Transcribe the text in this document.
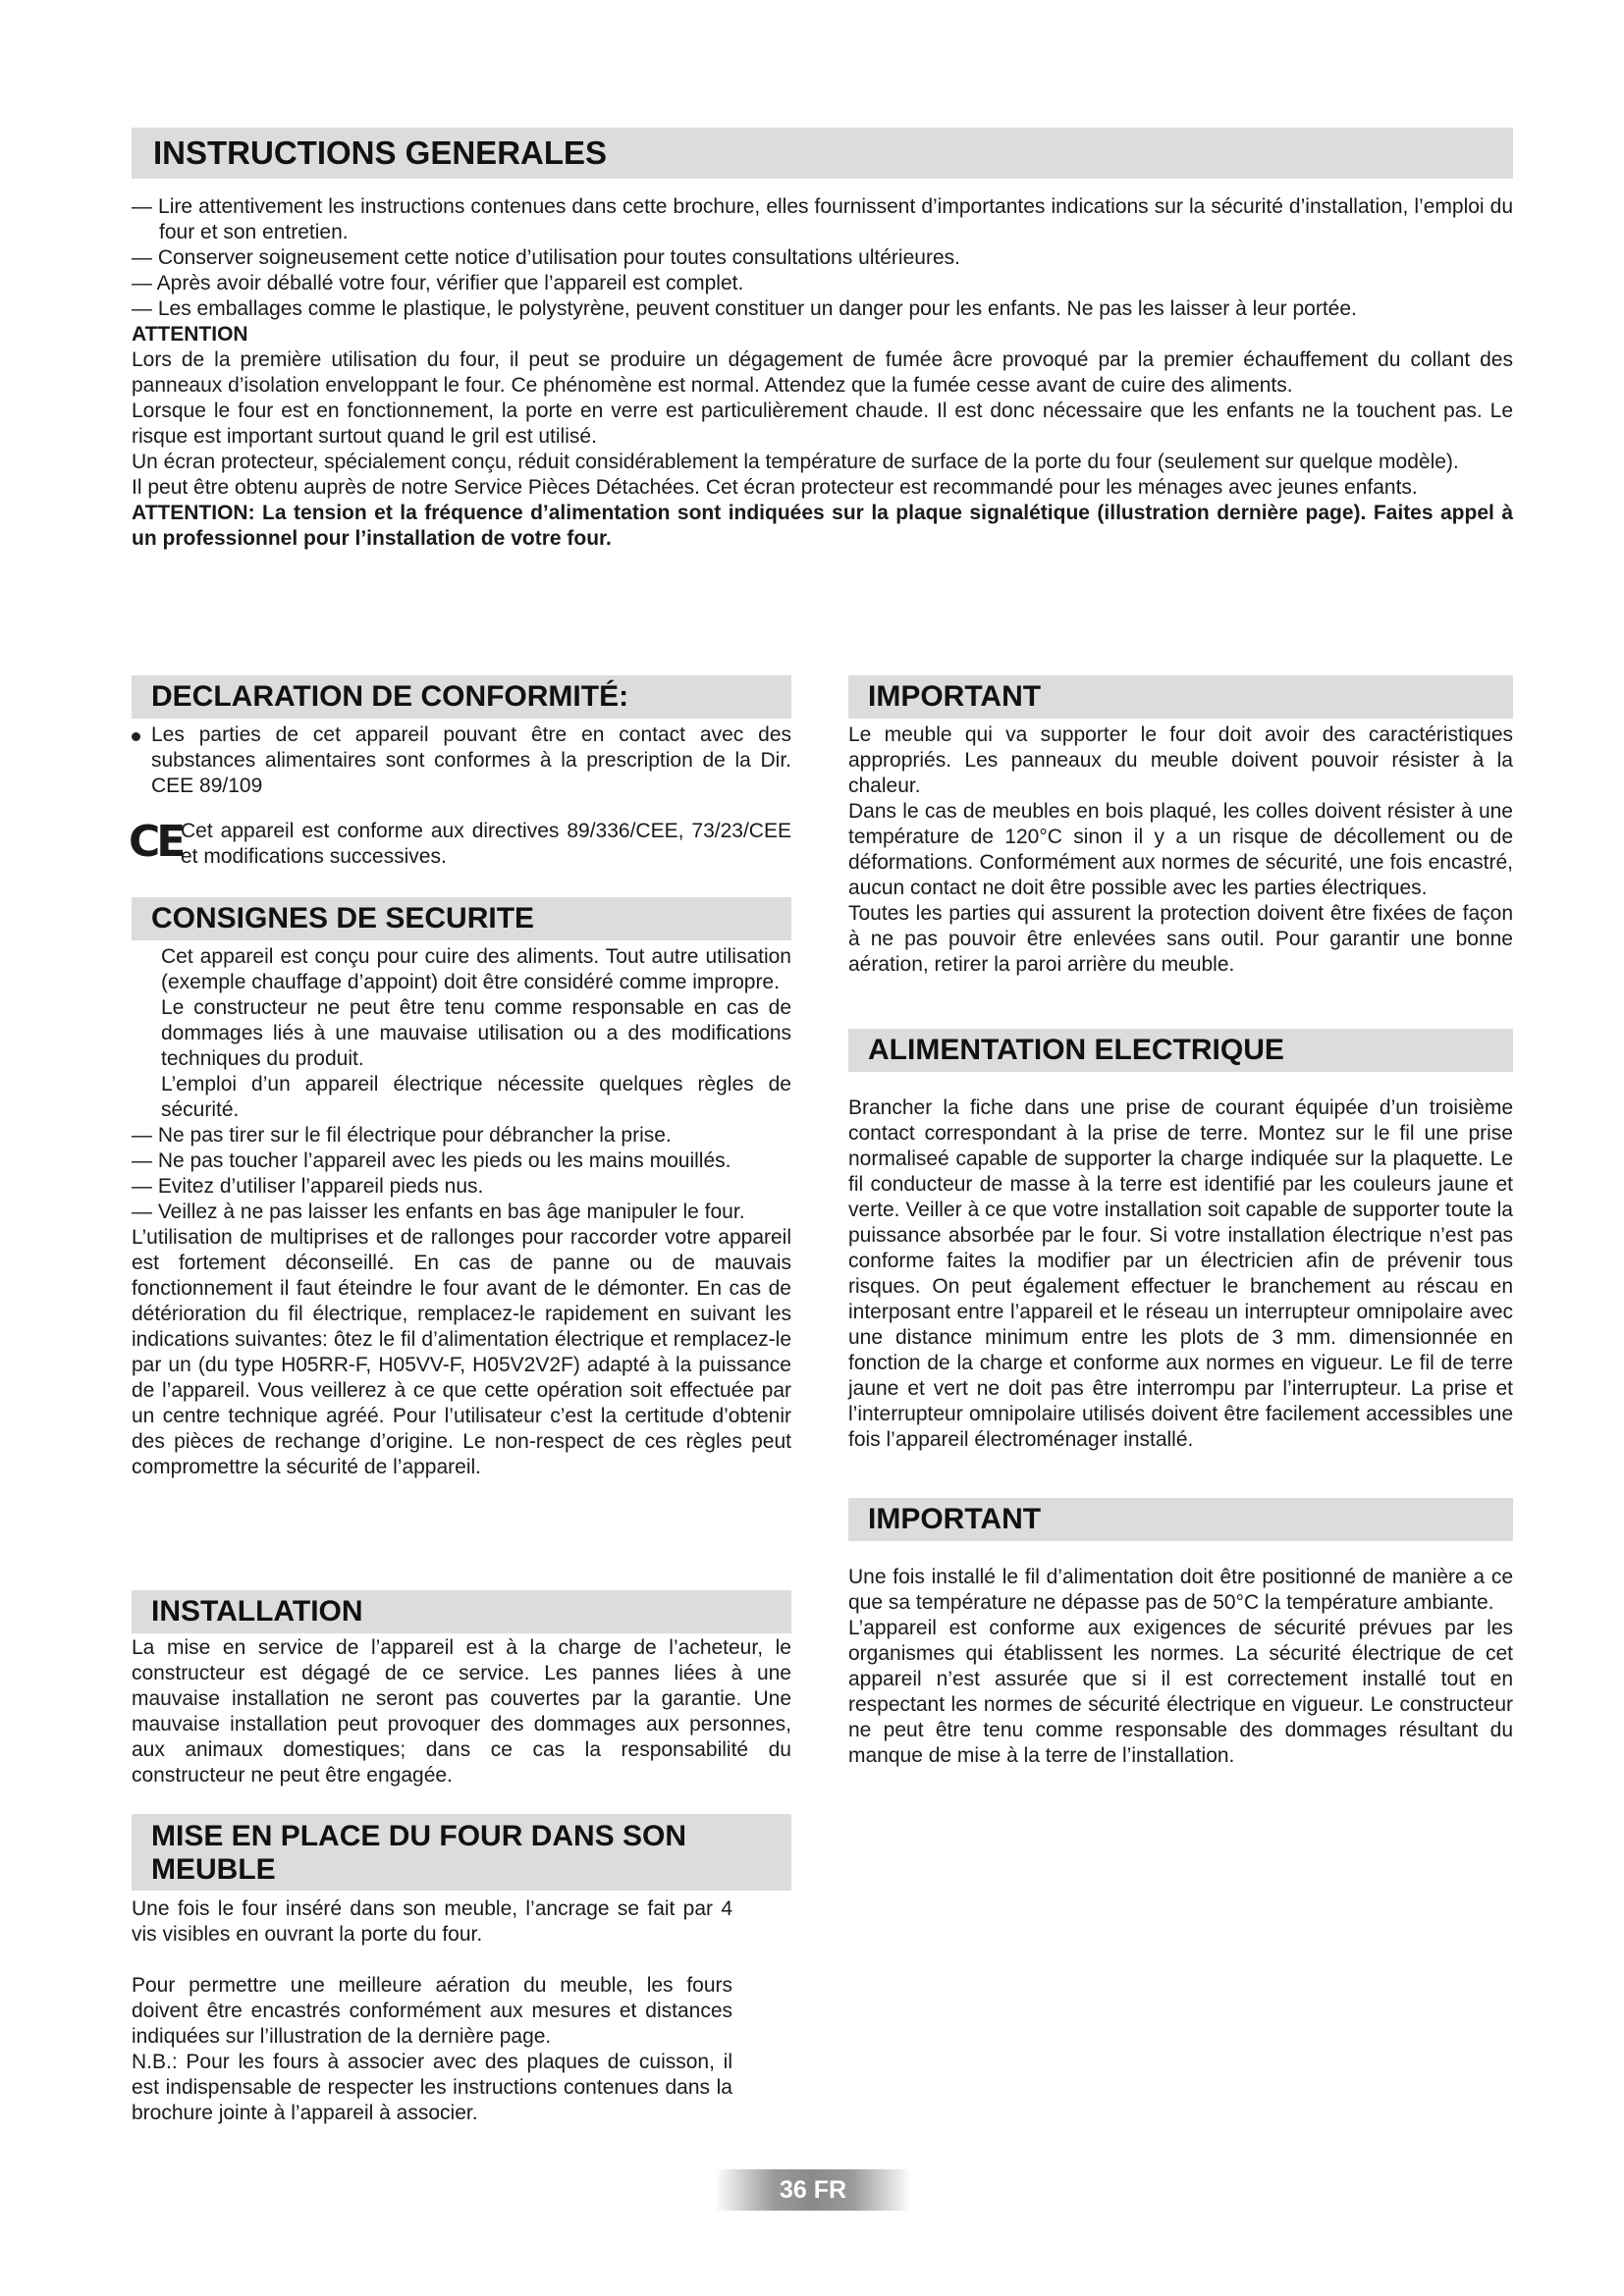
INSTRUCTIONS GENERALES

— Lire attentivement les instructions contenues dans cette brochure, elles fournissent d’importantes indications sur la sécurité d’installation, l’emploi du four et son entretien.

— Conserver soigneusement cette notice d’utilisation pour toutes consultations ultérieures.

— Après avoir déballé votre four, vérifier que l’appareil est complet.

— Les emballages comme le plastique, le polystyrène, peuvent constituer un danger pour les enfants. Ne pas les laisser à leur portée.

ATTENTION

Lors de la première utilisation du four, il peut se produire un dégagement de fumée âcre provoqué par la premier échauffement du collant des panneaux d’isolation enveloppant le four. Ce phénomène est normal. Attendez que la fumée cesse avant de cuire des aliments.

Lorsque le four est en fonctionnement, la porte en verre est particulièrement chaude. Il est donc nécessaire que les enfants ne la touchent pas. Le risque est important surtout quand le gril est utilisé.

Un écran protecteur, spécialement conçu, réduit considérablement la température de surface de la porte du four (seulement sur quelque modèle).

Il peut être obtenu auprès de notre Service Pièces Détachées. Cet écran protecteur est recommandé pour les ménages avec jeunes enfants.

ATTENTION: La tension et la fréquence d’alimentation sont indiquées sur la plaque signalétique (illustration dernière page). Faites appel à un professionnel pour l’installation de votre four.

DECLARATION DE CONFORMITÉ:
Les parties de cet appareil pouvant être en contact avec des substances alimentaires sont conformes à la prescription de la Dir. CEE 89/109
CE

Cet appareil est conforme aux directives 89/336/CEE, 73/23/CEE et modifications successives.

CONSIGNES DE SECURITE

Cet appareil est conçu pour cuire des aliments. Tout autre utilisation (exemple chauffage d’appoint) doit être considéré comme impropre.

Le constructeur ne peut être tenu comme responsable en cas de dommages liés à une mauvaise utilisation ou a des modifications techniques du produit.

L’emploi d’un appareil électrique nécessite quelques règles de sécurité.

— Ne pas tirer sur le fil électrique pour débrancher la prise.

— Ne pas toucher l’appareil avec les pieds ou les mains mouillés.

— Evitez d’utiliser l’appareil pieds nus.

— Veillez à ne pas laisser les enfants en bas âge manipuler le four.

L’utilisation de multiprises et de rallonges pour raccorder votre appareil est fortement déconseillé. En cas de panne ou de mauvais fonctionnement il faut éteindre le four avant de le démonter. En cas de détérioration du fil électrique, remplacez-le rapidement en suivant les indications suivantes: ôtez le fil d’alimentation électrique et remplacez-le par un (du type H05RR-F, H05VV-F, H05V2V2F) adapté à la puissance de l’appareil. Vous veillerez à ce que cette opération soit effectuée par un centre technique agréé. Pour l’utilisateur c’est la certitude d’obtenir des pièces de rechange d’origine. Le non-respect de ces règles peut compromettre la sécurité de l’appareil.

INSTALLATION

La mise en service de l’appareil est à la charge de l’acheteur, le constructeur est dégagé de ce service. Les pannes liées à une mauvaise installation ne seront pas couvertes par la garantie. Une mauvaise installation peut provoquer des dommages aux personnes, aux animaux domestiques; dans ce cas la responsabilité du constructeur ne peut être engagée.

MISE EN PLACE DU FOUR DANS SON MEUBLE

Une fois le four inséré dans son meuble, l’ancrage se fait par 4 vis visibles en ouvrant la porte du four.

Pour permettre une meilleure aération du meuble, les fours doivent être encastrés conformément aux mesures et distances indiquées sur l’illustration de la dernière page.

N.B.: Pour les fours à associer avec des plaques de cuisson, il est indispensable de respecter les instructions contenues dans la brochure jointe à l’appareil à associer.

IMPORTANT

Le meuble qui va supporter le four doit avoir des caractéristiques appropriés. Les panneaux du meuble doivent pouvoir résister à la chaleur.

Dans le cas de meubles en bois plaqué, les colles doivent résister à une température de 120°C sinon il y a un risque de décollement ou de déformations. Conformément aux normes de sécurité, une fois encastré, aucun contact ne doit être possible avec les parties électriques.

Toutes les parties qui assurent la protection doivent être fixées de façon à ne pas pouvoir être enlevées sans outil. Pour garantir une bonne aération, retirer la paroi arrière du meuble.

ALIMENTATION ELECTRIQUE

Brancher la fiche dans une prise de courant équipée d’un troisième contact correspondant à la prise de terre. Montez sur le fil une prise normaliseé capable de supporter la charge indiquée sur la plaquette. Le fil conducteur de masse à la terre est identifié par les couleurs jaune et verte. Veiller à ce que votre installation soit capable de supporter toute la puissance absorbée par le four. Si votre installation électrique n’est pas conforme faites la modifier par un électricien afin de prévenir tous risques. On peut également effectuer le branchement au réscau en interposant entre l’appareil et le réseau un interrupteur omnipolaire avec une distance minimum entre les plots de 3 mm. dimensionnée en fonction de la charge et conforme aux normes en vigueur. Le fil de terre jaune et vert ne doit pas être interrompu par l’interrupteur. La prise et l’interrupteur omnipolaire utilisés doivent être facilement accessibles une fois l’appareil électroménager installé.

IMPORTANT

Une fois installé le fil d’alimentation doit être positionné de manière a ce que sa température ne dépasse pas de 50°C la température ambiante.

L’appareil est conforme aux exigences de sécurité prévues par les organismes qui établissent les normes. La sécurité électrique de cet appareil n’est assurée que si il est correctement installé tout en respectant les normes de sécurité électrique en vigueur. Le constructeur ne peut être tenu comme responsable des dommages résultant du manque de mise à la terre de l’installation.

36 FR
